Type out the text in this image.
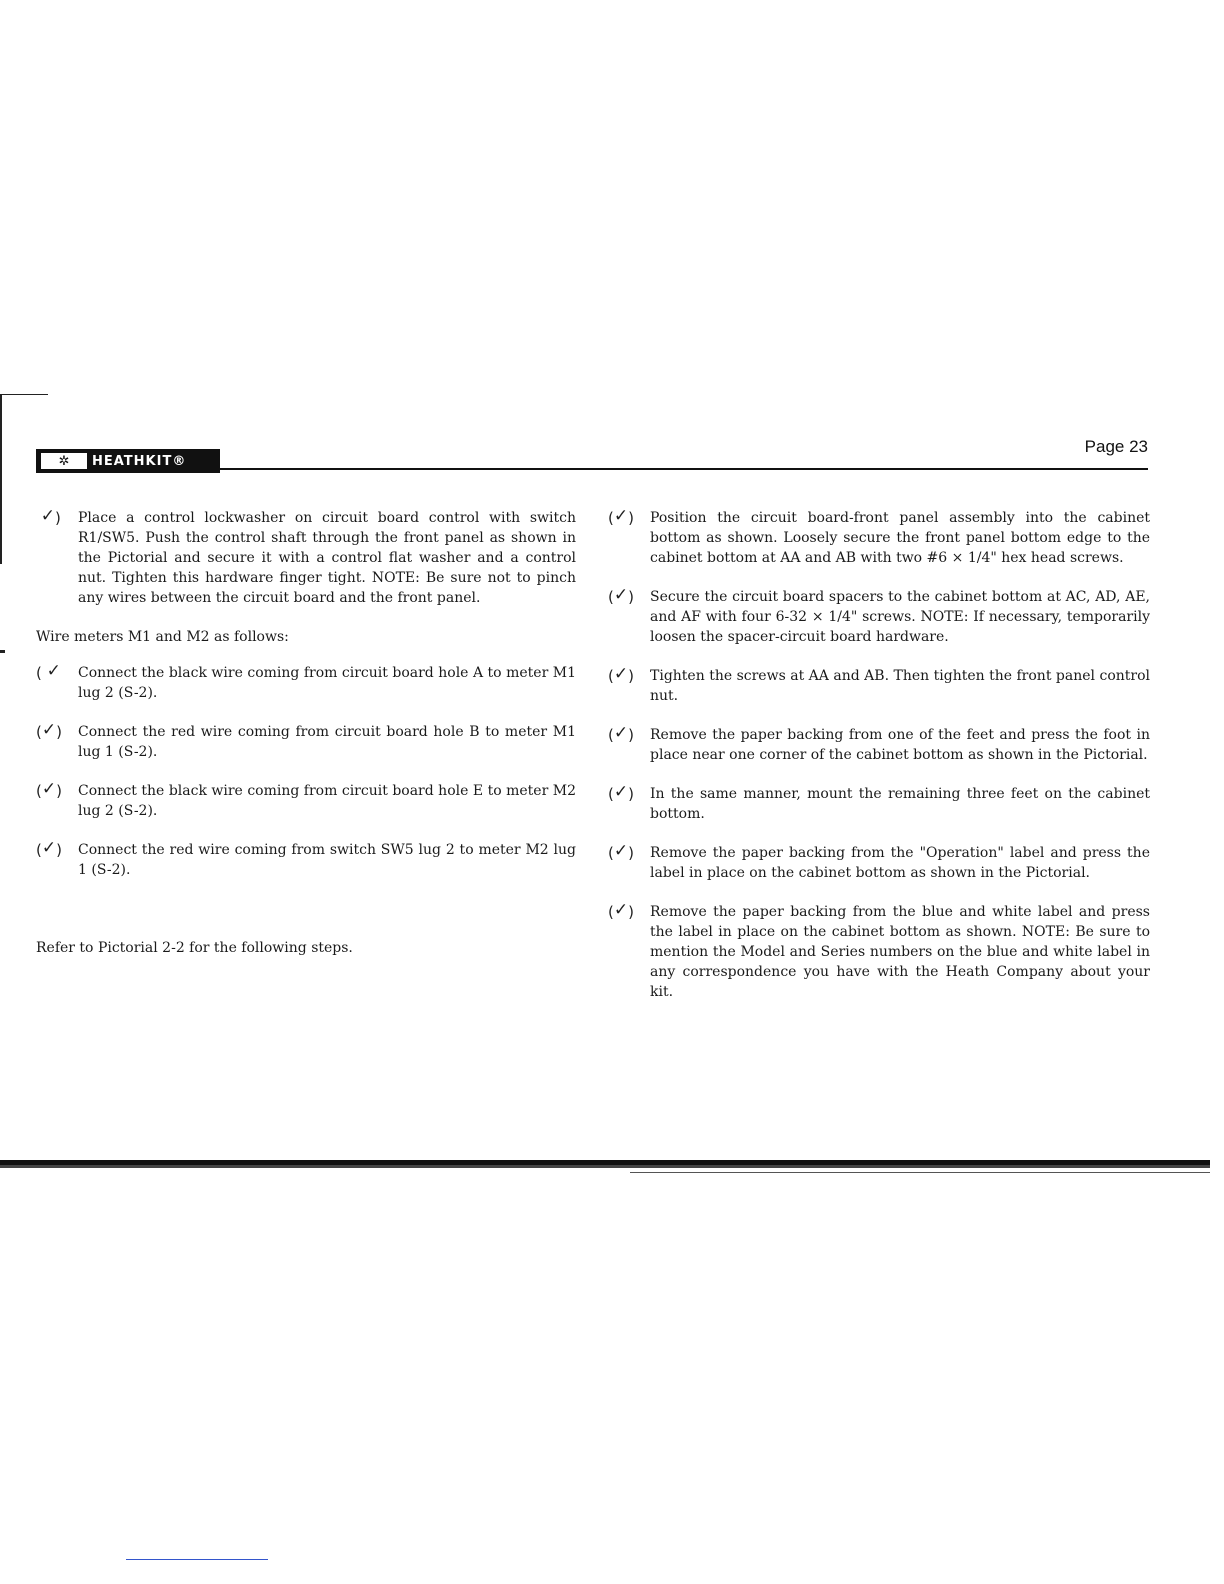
✲	HEATHKIT®
Page 23
✓)	Place a control lockwasher on circuit board control with switch R1/SW5. Push the control shaft through the front panel as shown in the Pictorial and secure it with a control flat washer and a control nut. Tighten this hardware finger tight. NOTE: Be sure not to pinch any wires between the circuit board and the front panel.

Wire meters M1 and M2 as follows:

( ✓	Connect the black wire coming from circuit board hole A to meter M1 lug 2 (S-2).

(✓)	Connect the red wire coming from circuit board hole B to meter M1 lug 1 (S-2).

(✓)	Connect the black wire coming from circuit board hole E to meter M2 lug 2 (S-2).

(✓)	Connect the red wire coming from switch SW5 lug 2 to meter M2 lug 1 (S-2).

Refer to Pictorial 2-2 for the following steps.

(✓)	Position the circuit board-front panel assembly into the cabinet bottom as shown. Loosely secure the front panel bottom edge to the cabinet bottom at AA and AB with two #6 × 1/4" hex head screws.

(✓)	Secure the circuit board spacers to the cabinet bottom at AC, AD, AE, and AF with four 6-32 × 1/4" screws. NOTE: If necessary, temporarily loosen the spacer-circuit board hardware.

(✓)	Tighten the screws at AA and AB. Then tighten the front panel control nut.

(✓)	Remove the paper backing from one of the feet and press the foot in place near one corner of the cabinet bottom as shown in the Pictorial.

(✓)	In the same manner, mount the remaining three feet on the cabinet bottom.

(✓)	Remove the paper backing from the "Operation" label and press the label in place on the cabinet bottom as shown in the Pictorial.

(✓)	Remove the paper backing from the blue and white label and press the label in place on the cabinet bottom as shown. NOTE: Be sure to mention the Model and Series numbers on the blue and white label in any correspondence you have with the Heath Company about your kit.
